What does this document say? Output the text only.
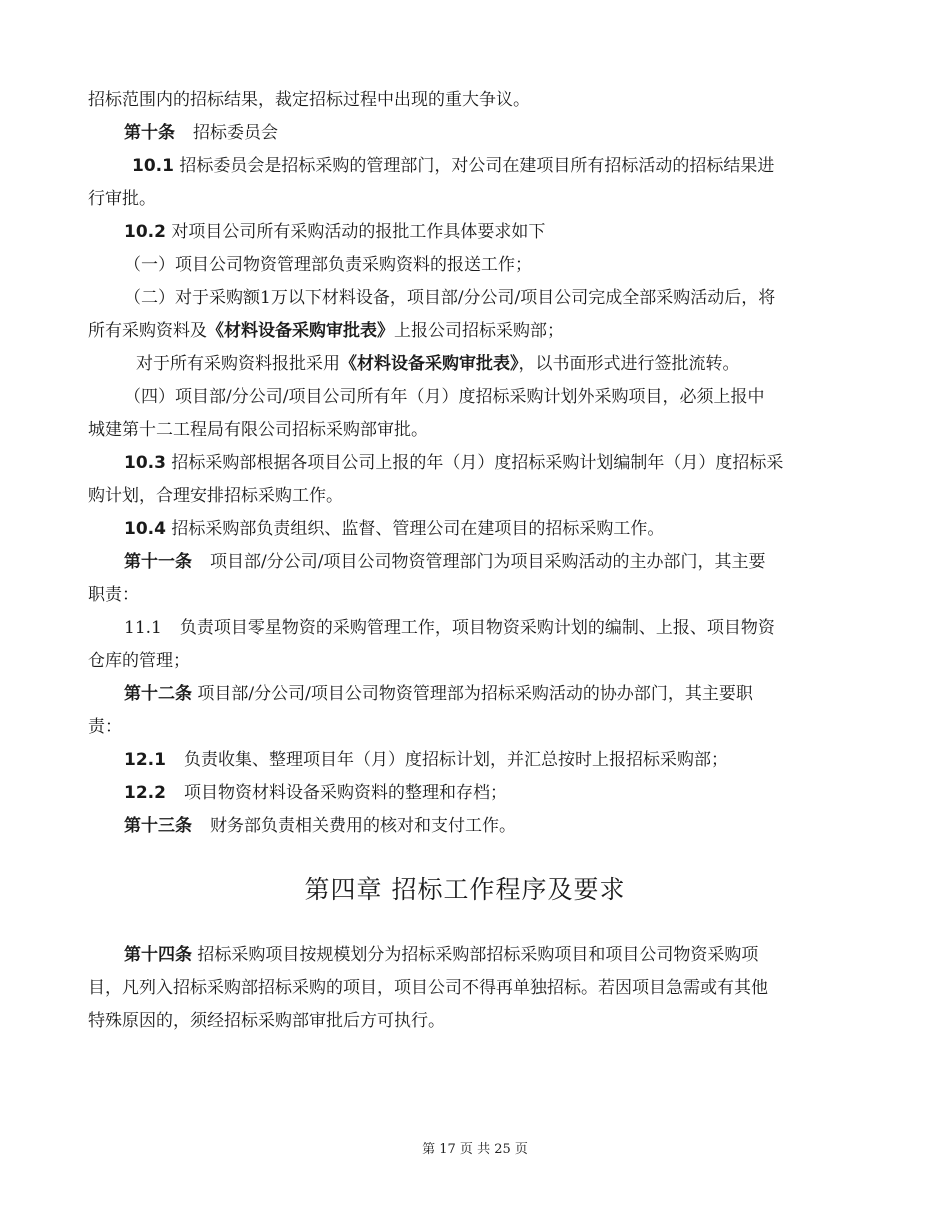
招标范围内的招标结果，裁定招标过程中出现的重大争议。
第十条 招标委员会
10.1 招标委员会是招标采购的管理部门，对公司在建项目所有招标活动的招标结果进
行审批。
10.2 对项目公司所有采购活动的报批工作具体要求如下
（一）项目公司物资管理部负责采购资料的报送工作；
（二）对于采购额1万以下材料设备，项目部/分公司/项目公司完成全部采购活动后，将
所有采购资料及《材料设备采购审批表》上报公司招标采购部；
对于所有采购资料报批采用《材料设备采购审批表》，以书面形式进行签批流转。
（四）项目部/分公司/项目公司所有年（月）度招标采购计划外采购项目，必须上报中
城建第十二工程局有限公司招标采购部审批。
10.3 招标采购部根据各项目公司上报的年（月）度招标采购计划编制年（月）度招标采
购计划，合理安排招标采购工作。
10.4 招标采购部负责组织、监督、管理公司在建项目的招标采购工作。
第十一条 项目部/分公司/项目公司物资管理部门为项目采购活动的主办部门，其主要
职责：
11.1 负责项目零星物资的采购管理工作，项目物资采购计划的编制、上报、项目物资
仓库的管理；
第十二条 项目部/分公司/项目公司物资管理部为招标采购活动的协办部门，其主要职
责：
12.1 负责收集、整理项目年（月）度招标计划，并汇总按时上报招标采购部；
12.2 项目物资材料设备采购资料的整理和存档；
第十三条 财务部负责相关费用的核对和支付工作。
第四章 招标工作程序及要求
第十四条 招标采购项目按规模划分为招标采购部招标采购项目和项目公司物资采购项
目，凡列入招标采购部招标采购的项目，项目公司不得再单独招标。若因项目急需或有其他
特殊原因的，须经招标采购部审批后方可执行。
第 17 页 共 25 页
